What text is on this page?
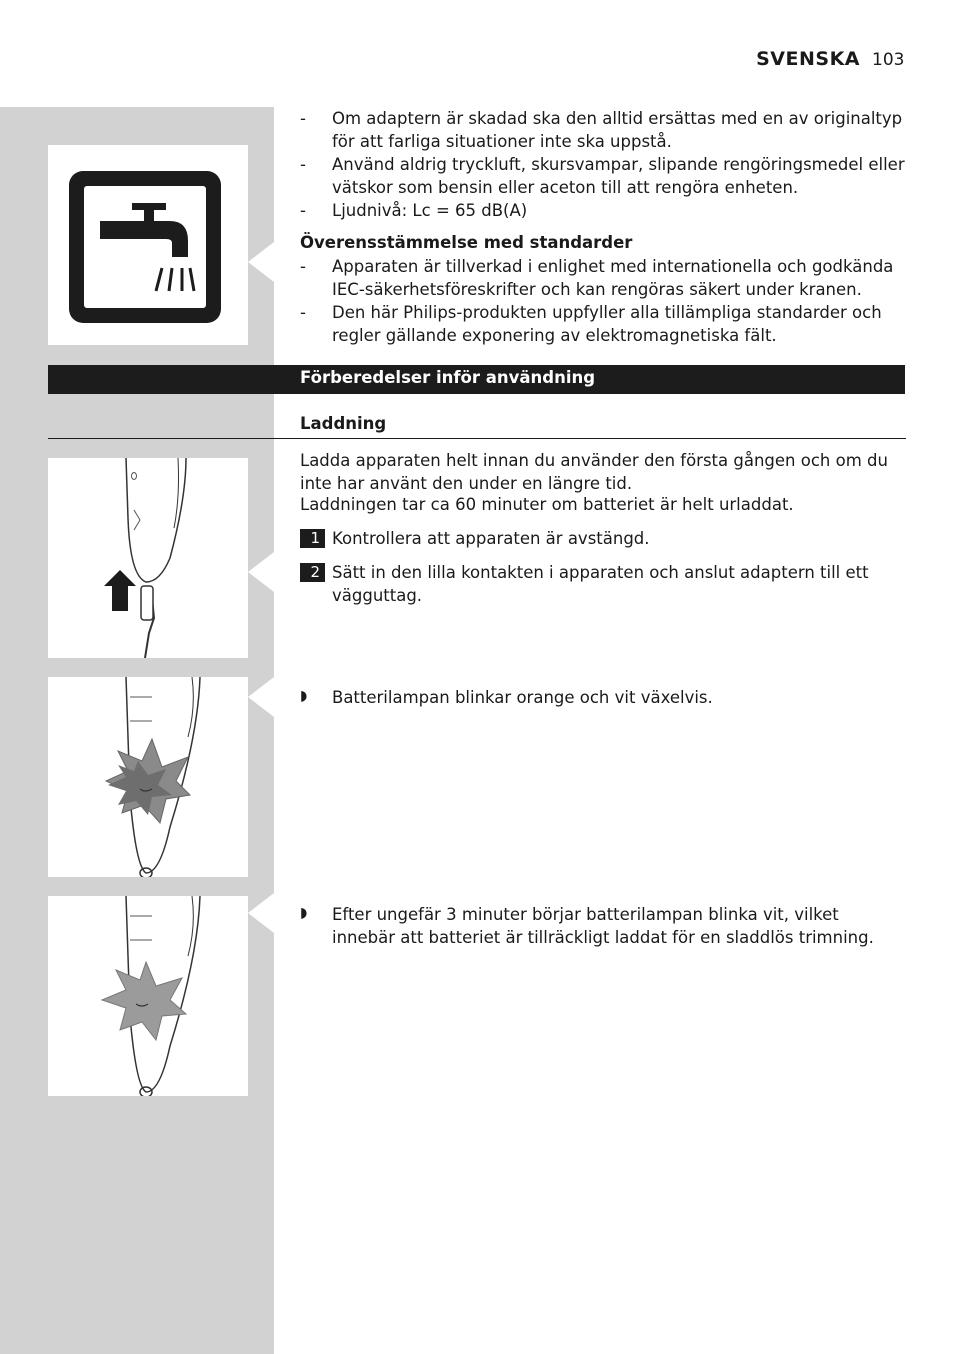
SVENSKA 103
-	Om adaptern är skadad ska den alltid ersättas med en av originaltyp för att farliga situationer inte ska uppstå.
-	Använd aldrig tryckluft, skursvampar, slipande rengöringsmedel eller vätskor som bensin eller aceton till att rengöra enheten.
-	Ljudnivå: Lc = 65 dB(A)
Överensstämmelse med standarder
-	Apparaten är tillverkad i enlighet med internationella och godkända IEC-säkerhetsföreskrifter och kan rengöras säkert under kranen.
-	Den här Philips-produkten uppfyller alla tillämpliga standarder och regler gällande exponering av elektromagnetiska fält.
Förberedelser inför användning
Laddning
Ladda apparaten helt innan du använder den första gången och om du inte har använt den under en längre tid.
Laddningen tar ca 60 minuter om batteriet är helt urladdat.
1 Kontrollera att apparaten är avstängd.
2 Sätt in den lilla kontakten i apparaten och anslut adaptern till ett vägguttag.
◗ Batterilampan blinkar orange och vit växelvis.
◗ Efter ungefär 3 minuter börjar batterilampan blinka vit, vilket innebär att batteriet är tillräckligt laddat för en sladdlös trimning.
